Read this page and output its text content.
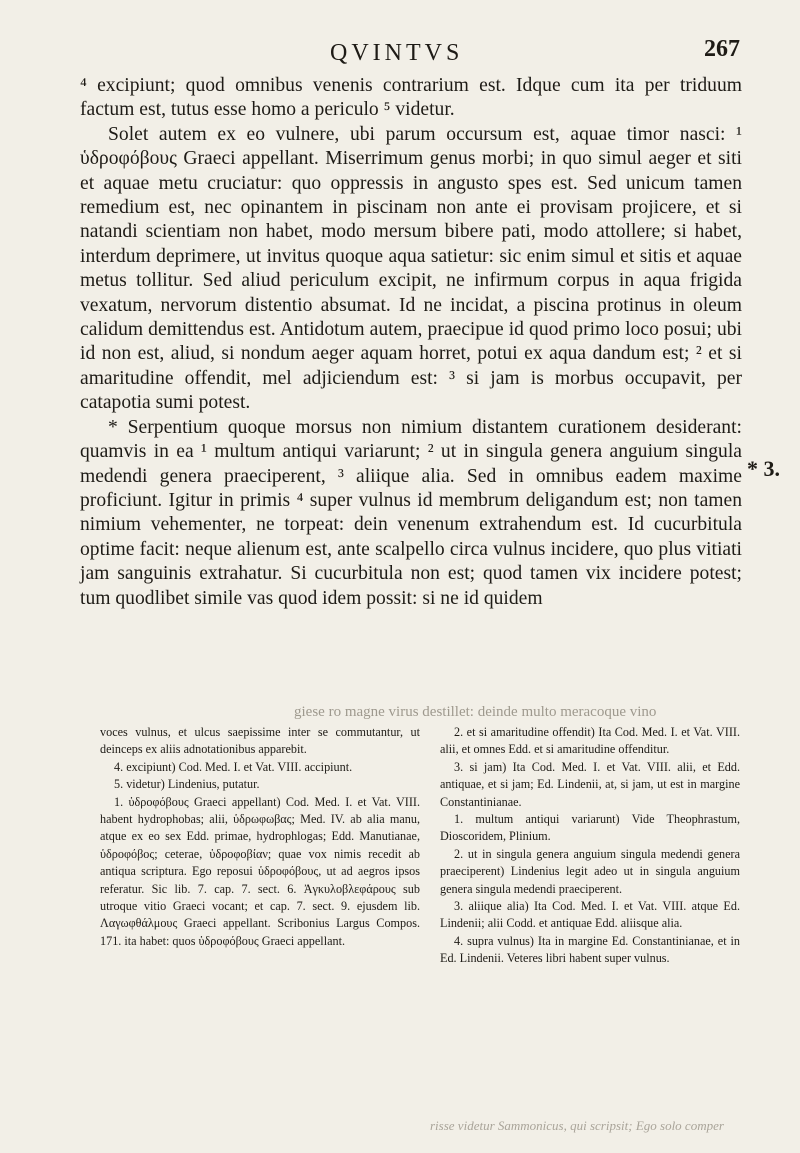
QVINTVS	267

⁴ excipiunt; quod omnibus venenis contrarium est. Idque cum ita per triduum factum est, tutus esse homo a periculo ⁵ videtur.

Solet autem ex eo vulnere, ubi parum occursum est, aquae timor nasci: ¹ ὑδροφόβους Graeci appellant. Miserrimum genus morbi; in quo simul aeger et siti et aquae metu cruciatur: quo oppressis in angusto spes est. Sed unicum tamen remedium est, nec opinantem in piscinam non ante ei provisam projicere, et si natandi scientiam non habet, modo mersum bibere pati, modo attollere; si habet, interdum deprimere, ut invitus quoque aqua satietur: sic enim simul et sitis et aquae metus tollitur. Sed aliud periculum excipit, ne infirmum corpus in aqua frigida vexatum, nervorum distentio absumat. Id ne incidat, a piscina protinus in oleum calidum demittendus est. Antidotum autem, praecipue id quod primo loco posui; ubi id non est, aliud, si nondum aeger aquam horret, potui ex aqua dandum est; ² et si amaritudine offendit, mel adjiciendum est: ³ si jam is morbus occupavit, per catapotia sumi potest.

* Serpentium quoque morsus non nimium distantem curationem desiderant: quamvis in ea ¹ multum antiqui variarunt; ² ut in singula genera anguium singula medendi genera praeciperent, ³ aliique alia. Sed in omnibus eadem maxime proficiunt. Igitur in primis ⁴ super vulnus id membrum deligandum est; non tamen nimium vehementer, ne torpeat: dein venenum extrahendum est. Id cucurbitula optime facit: neque alienum est, ante scalpello circa vulnus incidere, quo plus vitiati jam sanguinis extrahatur. Si cucurbitula non est; quod tamen vix incidere potest; tum quodlibet simile vas quod idem possit: si ne id quidem

* 3.
giese ro magne virus destillet: deinde multo meracoque vino

voces vulnus, et ulcus saepissime inter se commutantur, ut deinceps ex aliis adnotationibus apparebit.

4. excipiunt) Cod. Med. I. et Vat. VIII. accipiunt.

5. videtur) Lindenius, putatur.

1. ὑδροφόβους Graeci appellant) Cod. Med. I. et Vat. VIII. habent hydrophobas; alii, ὑδρωφωβας; Med. IV. ab alia manu, atque ex eo sex Edd. primae, hydrophlogas; Edd. Manutianae, ὑδροφόβος; ceterae, ὑδροφοβίαν; quae vox nimis recedit ab antiqua scriptura. Ego reposui ὑδροφόβους, ut ad aegros ipsos referatur. Sic lib. 7. cap. 7. sect. 6. Ἀγκυλοβλεφάρους sub utroque vitio Graeci vocant; et cap. 7. sect. 9. ejusdem lib. Λαγωφθάλμους Graeci appellant. Scribonius Largus Compos. 171. ita habet: quos ὑδροφόβους Graeci appellant.

2. et si amaritudine offendit) Ita Cod. Med. I. et Vat. VIII. alii, et omnes Edd. et si amaritudine offenditur.

3. si jam) Ita Cod. Med. I. et Vat. VIII. alii, et Edd. antiquae, et si jam; Ed. Lindenii, at, si jam, ut est in margine Constantinianae.

1. multum antiqui variarunt) Vide Theophrastum, Dioscoridem, Plinium.

2. ut in singula genera anguium singula medendi genera praeciperent) Lindenius legit adeo ut in singula anguium genera singula medendi praeciperent.

3. aliique alia) Ita Cod. Med. I. et Vat. VIII. atque Ed. Lindenii; alii Codd. et antiquae Edd. aliisque alia.

4. supra vulnus) Ita in margine Ed. Constantinianae, et in Ed. Lindenii. Veteres libri habent super vulnus.

risse videtur Sammonicus, qui scripsit; Ego solo comper
